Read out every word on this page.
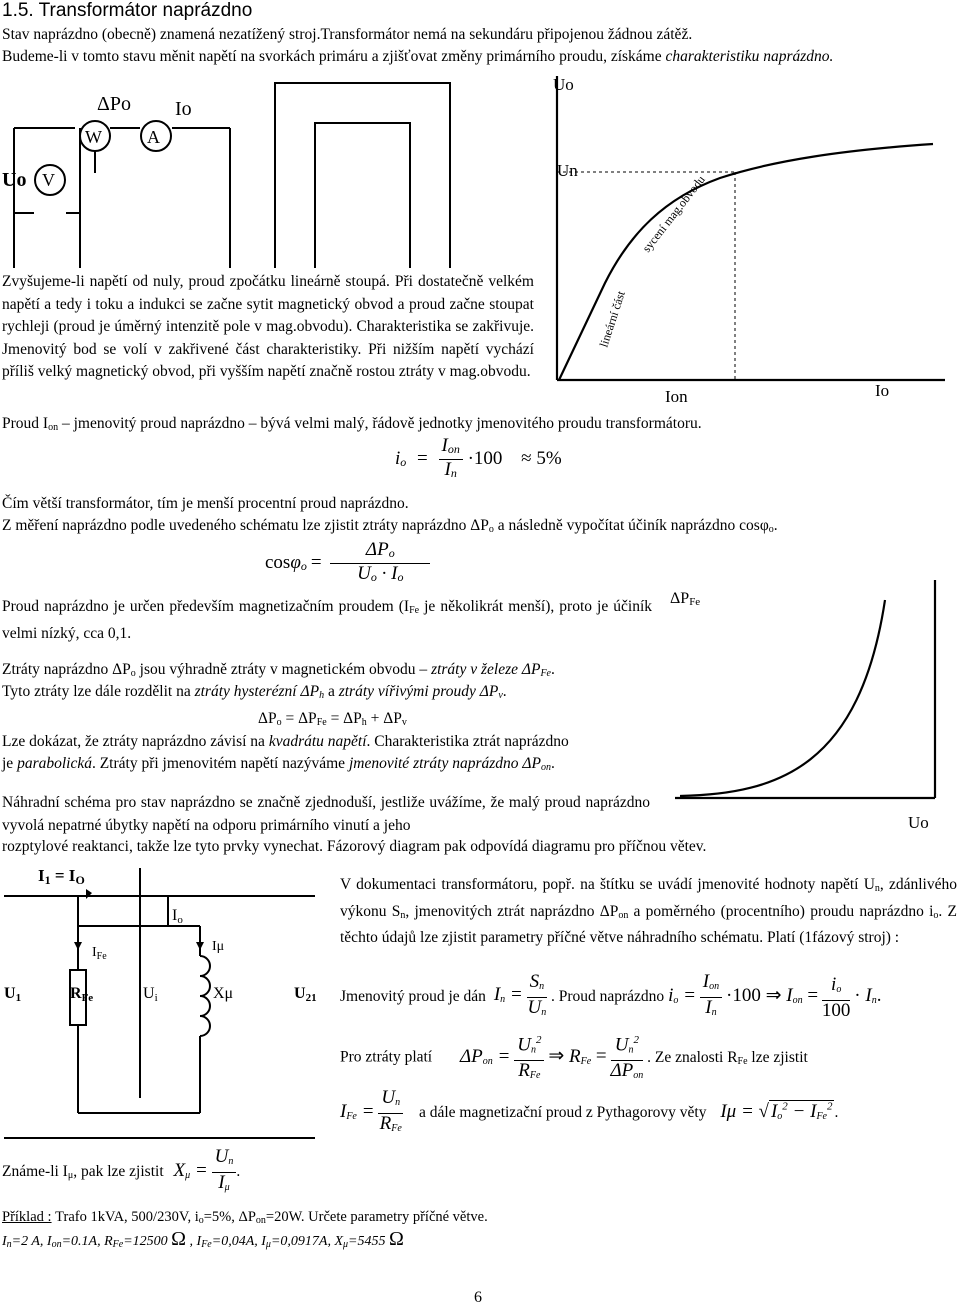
1.5. Transformátor naprázdno
Stav naprázdno (obecně) znamená nezatížený stroj.Transformátor nemá na sekundáru připojenou žádnou zátěž.
Budeme-li v tomto stavu měnit napětí na svorkách primáru a zjišťovat změny primárního proudu, získáme charakteristiku naprázdno.
V
W	A
ΔPo Io
Uo
Uo
Un
Ion	Io
lineární část
sycení mag.obvodu
Zvyšujeme-li napětí od nuly, proud zpočátku lineárně stoupá. Při dostatečně velkém napětí a tedy i toku a indukci se začne sytit magnetický obvod a proud začne stoupat rychleji (proud je úměrný intenzitě pole v mag.obvodu). Charakteristika se zakřivuje. Jmenovitý bod se volí v zakřivené část charakteristiky. Při nižším napětí vychází příliš velký magnetický obvod, při vyšším napětí značně rostou ztráty v mag.obvodu.
Proud $I_{on}$ – jmenovitý proud naprázdno – bývá velmi malý, řádově jednotky jmenovitého proudu transformátoru.
$i_o = \frac{I_{on}}{I_n} \cdot 100 \approx 5\%$
Čím větší transformátor, tím je menší procentní proud naprázdno.
Z měření naprázdno podle uvedeného schématu lze zjistit ztráty naprázdno $\Delta P_o$ a následně vypočítat účiník naprázdno cosφ$_o$.
$\cos\varphi_o = \frac{\Delta P_o}{U_o \cdot I_o}$
Proud naprázdno je určen především magnetizačním proudem ($I_{Fe}$ je několikrát menší), proto je účiník velmi nízký, cca 0,1.
ΔPFe
Uo
Ztráty naprázdno $\Delta P_o$ jsou výhradně ztráty v magnetickém obvodu – ztráty v železe $\Delta P_{Fe}$.
Tyto ztráty lze dále rozdělit na ztráty hysterézní $\Delta P_h$ a ztráty vířivými proudy $\Delta P_v$.
$\Delta P_o = \Delta P_{Fe} = \Delta P_h + \Delta P_v$
Lze dokázat, že ztráty naprázdno závisí na kvadrátu napětí. Charakteristika ztrát naprázdno
je parabolická. Ztráty při jmenovitém napětí nazýváme jmenovité ztráty naprázdno $\Delta P_{on}$.
Náhradní schéma pro stav naprázdno se značně zjednoduší, jestliže uvážíme, že malý proud naprázdno vyvolá nepatrné úbytky napětí na odporu primárního vinutí a jeho
rozptylové reaktanci, takže lze tyto prvky vynechat. Fázorový diagram pak odpovídá diagramu pro příčnou větev.
I1 = IO
Io
$I_{Fe}$
Iμ
U1	RFe	Ui	Xμ	U21
V dokumentaci transformátoru, popř. na štítku se uvádí jmenovité hodnoty napětí $U_n$, zdánlivého výkonu $S_n$, jmenovitých ztrát naprázdno $\Delta P_{on}$ a poměrného (procentního) proudu naprázdno $i_o$. Z těchto údajů lze zjistit parametry příčné větve náhradního schématu. Platí (1fázový stroj) :
Jmenovitý proud je dán $I_n$ =
$\frac{S_n}{U_n}$ . Proud naprázdno $i_o = \frac{I_{on}}{I_n} \cdot 100$ ⇒ $I_{on} = \frac{i_o}{100} \cdot I_n$.
Pro ztráty platí $\Delta P_{on} = \frac{U_n^2}{R_{Fe}}$ ⇒ $R_{Fe} = \frac{U_n^2}{\Delta P_{on}}$ . Ze znalosti $R_{Fe}$ lze zjistit
$I_{Fe} = \frac{U_n}{R_{Fe}}$ a dále magnetizační proud z Pythagorovy věty Iμ = √ $I_o^2 - I_{Fe}^2$ .
Známe-li $I_\mu$, pak lze zjistit $X_\mu = \frac{U_n}{I_\mu}$ .
Příklad : Trafo 1kVA, 500/230V, $i_o=5\%$, $\Delta P_{on}=20W$. Určete parametry příčné větve.
$I_n=2$ A, $I_{on}=0.1A$, $R_{Fe}=12500$ Ω , $I_{Fe}=0,04A$, $I_\mu=0,0917A$, $X_\mu=5455$ Ω
6
